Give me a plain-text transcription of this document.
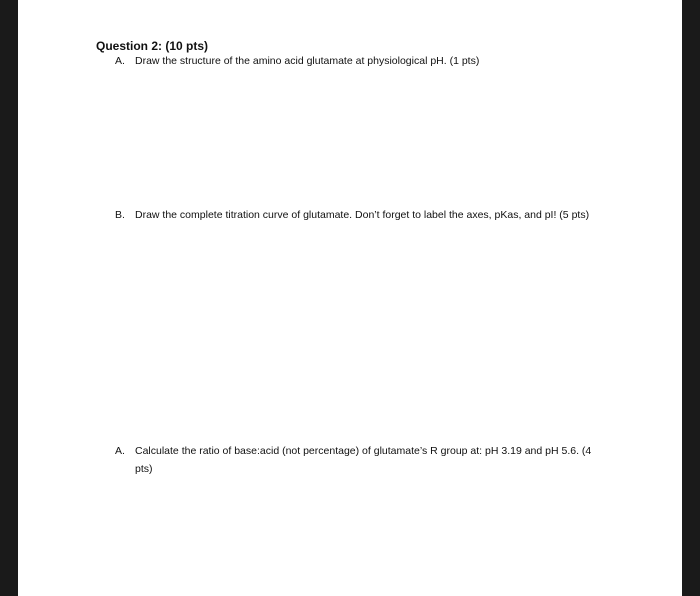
Question 2: (10 pts)
A. Draw the structure of the amino acid glutamate at physiological pH. (1 pts)
B. Draw the complete titration curve of glutamate. Don’t forget to label the axes, pKas, and pI! (5 pts)
A. Calculate the ratio of base:acid (not percentage) of glutamate’s R group at: pH 3.19 and pH 5.6. (4 pts)
